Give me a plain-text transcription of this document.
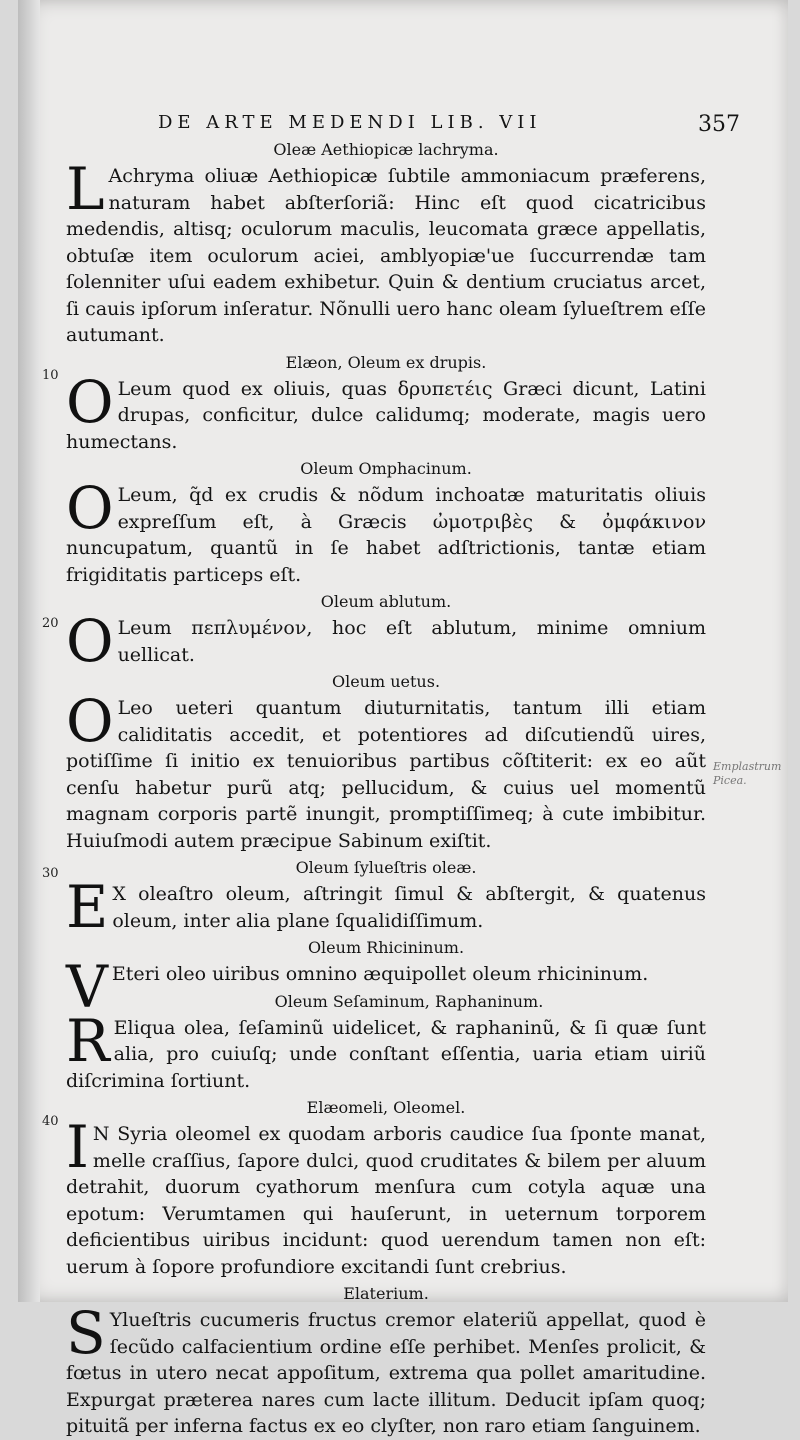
DE ARTE MEDENDI LIB. VII	357
10
20
30
40
Emplastrum Picea.
Oleæ Aethiopicæ lachryma.
L Achryma oliuæ Aethiopicæ ſubtile ammoniacum præferens, naturam habet abſterſoriã: Hinc eſt quod cicatricibus medendis, altisq; oculorum maculis, leucomata græce appellatis, obtuſæ item oculorum aciei, amblyopiæ'ue ſuccurrendæ tam ſolenniter uſui eadem exhibetur. Quin & dentium cruciatus arcet, ſi cauis ipſorum inſeratur. Nõnulli uero hanc oleam ſylueſtrem eſſe autumant.

Elæon, Oleum ex drupis.
O Leum quod ex oliuis, quas δρυπετέις Græci dicunt, Latini drupas, conficitur, dulce calidumq; moderate, magis uero humectans.

Oleum Omphacinum.
O Leum, q̃d ex crudis & nõdum inchoatæ maturitatis oliuis expreſſum eſt, à Græcis ὠμοτριβὲς & ὀμφάκινον nuncupatum, quantũ in ſe habet adſtrictionis, tantæ etiam frigiditatis particeps eſt.

Oleum ablutum.
O Leum πεπλυμένον, hoc eſt ablutum, minime omnium uellicat.

Oleum uetus.
O Leo ueteri quantum diuturnitatis, tantum illi etiam caliditatis accedit, et potentiores ad diſcutiendũ uires, potiſſime ſi initio ex tenuioribus partibus cõſtiterit: ex eo aũt cenſu habetur purũ atq; pellucidum, & cuius uel momentũ magnam corporis partẽ inungit, promptiſſimeq; à cute imbibitur. Huiuſmodi autem præcipue Sabinum exiſtit.

Oleum ſylueſtris oleæ.
E X oleaſtro oleum, aſtringit ſimul & abſtergit, & quatenus oleum, inter alia plane ſqualidiſſimum.

Oleum Rhicininum.
V Eteri oleo uiribus omnino æquipollet oleum rhicininum.

Oleum Seſaminum, Raphaninum.
R Eliqua olea, ſeſaminũ uidelicet, & raphaninũ, & ſi quæ ſunt alia, pro cuiuſq; unde conſtant eſſentia, uaria etiam uiriũ diſcrimina ſortiunt.

Elæomeli, Oleomel.
I N Syria oleomel ex quodam arboris caudice ſua ſponte manat, melle craſſius, ſapore dulci, quod cruditates & bilem per aluum detrahit, duorum cyathorum menſura cum cotyla aquæ una epotum: Verumtamen qui hauſerunt, in ueternum torporem deficientibus uiribus incidunt: quod uerendum tamen non eſt: uerum à ſopore profundiore excitandi ſunt crebrius.

Elaterium.
S Ylueſtris cucumeris fructus cremor elateriũ appellat, quod è ſecũdo calfacientium ordine eſſe perhibet. Menſes prolicit, & fœtus in utero necat appoſitum, extrema qua pollet amaritudine. Expurgat præterea nares cum lacte illitum. Deducit ipſam quoq; pituitã per inferna factus ex eo clyſter, non raro etiam ſanguinem.
